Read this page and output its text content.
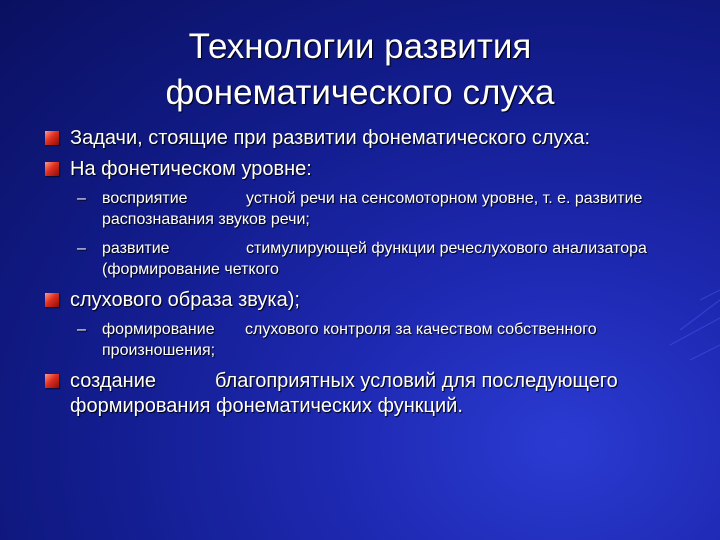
Технологии развития
фонематического слуха
Задачи, стоящие при развитии фонематического слуха:
На фонетическом уровне:
– восприятие	устной речи на сенсомоторном уровне, т. е. развитие распознавания звуков речи;
– развитие	стимулирующей функции речеслухового анализатора (формирование четкого
слухового образа звука);
– формирование слухового контроля за качеством собственного произношения;
создание	благоприятных условий для последующего формирования фонематических функций.
